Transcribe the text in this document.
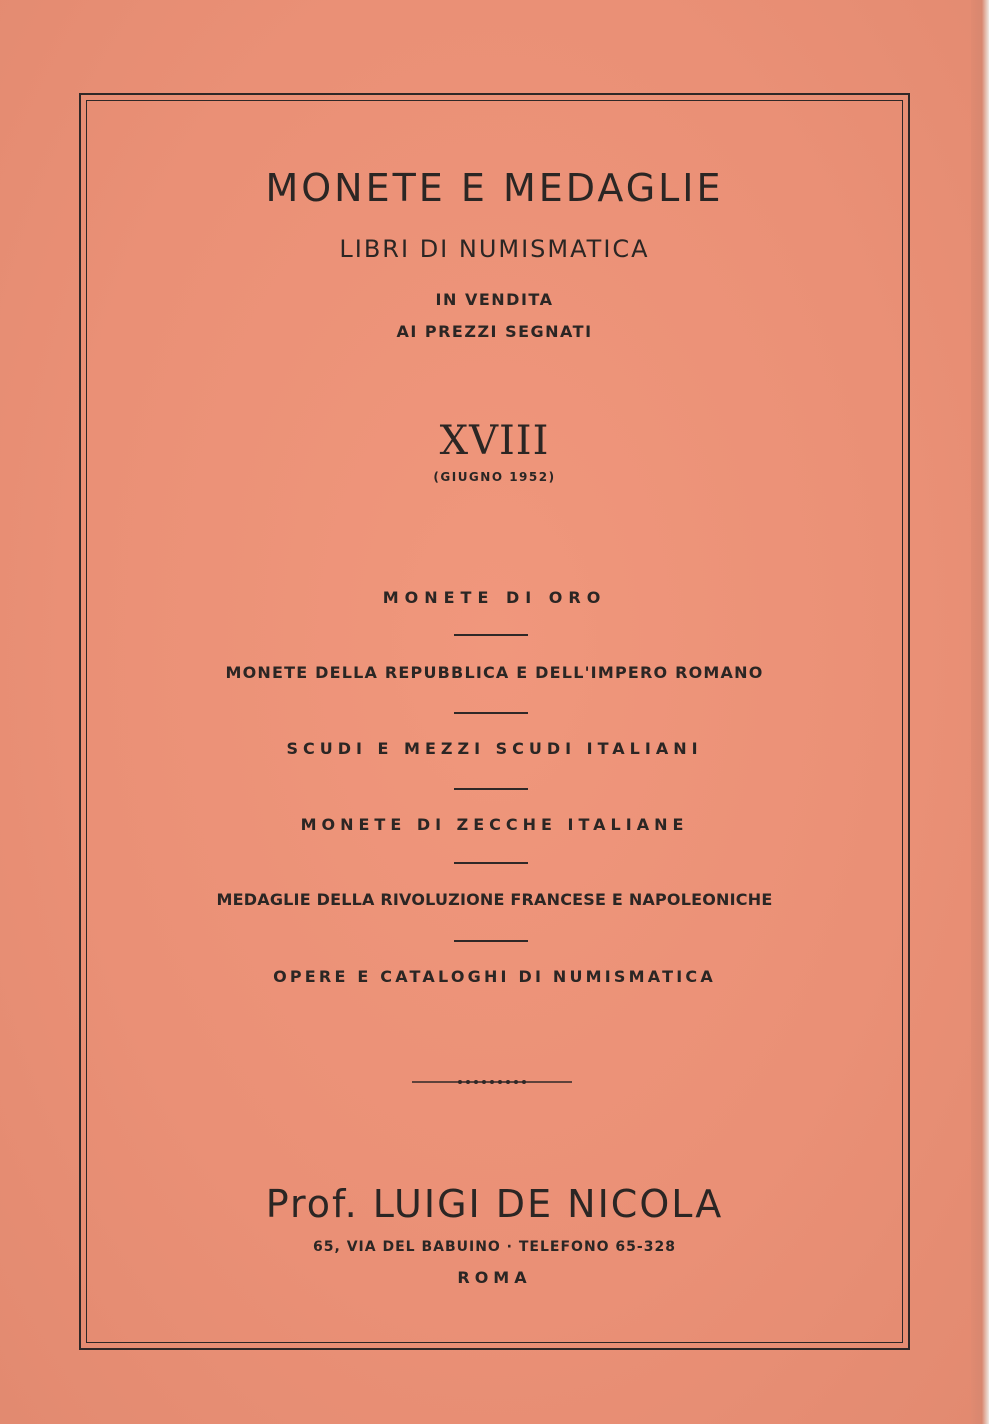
MONETE E MEDAGLIE
LIBRI DI NUMISMATICA
IN VENDITA
AI PREZZI SEGNATI
XVIII
(GIUGNO 1952)
MONETE DI ORO
MONETE DELLA REPUBBLICA E DELL'IMPERO ROMANO
SCUDI E MEZZI SCUDI ITALIANI
MONETE DI ZECCHE ITALIANE
MEDAGLIE DELLA RIVOLUZIONE FRANCESE E NAPOLEONICHE
OPERE E CATALOGHI DI NUMISMATICA
Prof. LUIGI DE NICOLA
65, VIA DEL BABUINO · TELEFONO 65-328
ROMA
